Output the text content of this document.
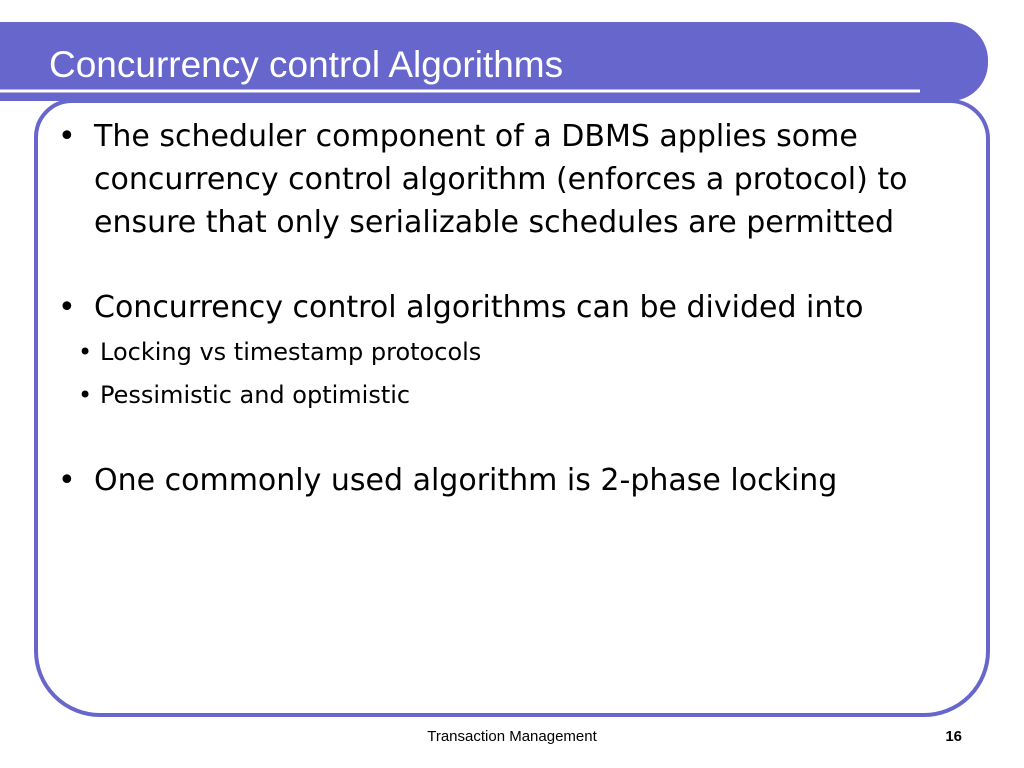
Concurrency control Algorithms
• The scheduler component of a DBMS applies some concurrency control algorithm (enforces a protocol) to ensure that only serializable schedules are permitted
• Concurrency control algorithms can be divided into
• Locking vs timestamp protocols
• Pessimistic and optimistic
• One commonly used algorithm is 2-phase locking
Transaction Management	16
